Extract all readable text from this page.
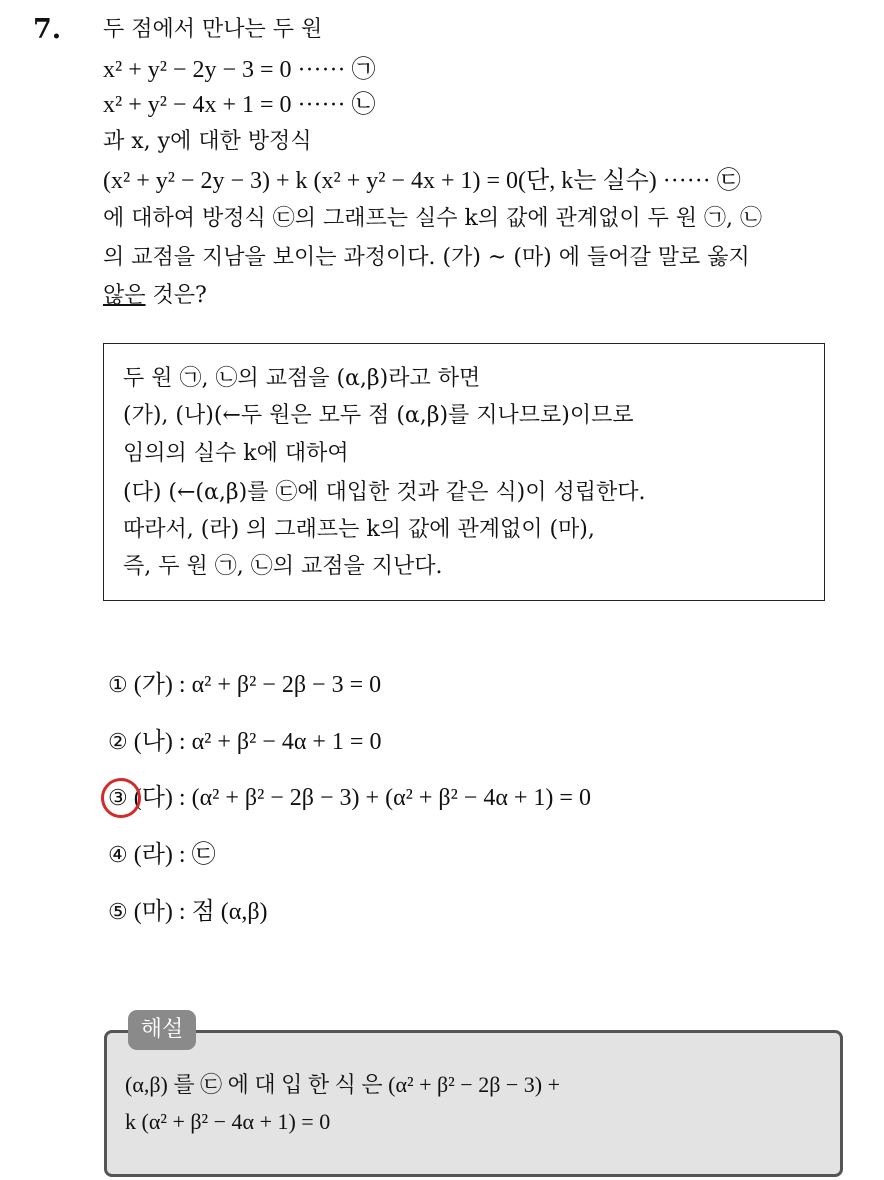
7. 두 점에서 만나는 두 원
x² + y² − 2y − 3 = 0 ······ ㉠
x² + y² − 4x + 1 = 0 ······ ㉡
과 x, y에 대한 방정식
(x² + y² − 2y − 3) + k (x² + y² − 4x + 1) = 0(단, k는 실수) ······ ㉢
에 대하여 방정식 ㉢의 그래프는 실수 k의 값에 관계없이 두 원 ㉠, ㉡
의 교점을 지남을 보이는 과정이다. (가) ~ (마) 에 들어갈 말로 옳지
않은 것은?
두 원 ㉠, ㉡의 교점을 (α,β)라고 하면
(가), (나)(←두 원은 모두 점 (α,β)를 지나므로)이므로
임의의 실수 k에 대하여
(다) (←(α,β)를 ㉢에 대입한 것과 같은 식)이 성립한다.
따라서, (라) 의 그래프는 k의 값에 관계없이 (마),
즉, 두 원 ㉠, ㉡의 교점을 지난다.
① (가) : α² + β² − 2β − 3 = 0
② (나) : α² + β² − 4α + 1 = 0
③ (다) : (α² + β² − 2β − 3) + (α² + β² − 4α + 1) = 0
④ (라) : ㉢
⑤ (마) : 점 (α,β)
해설
(α,β) 를 ㉢ 에 대 입 한 식 은 (α² + β² − 2β − 3) +
k (α² + β² − 4α + 1) = 0
